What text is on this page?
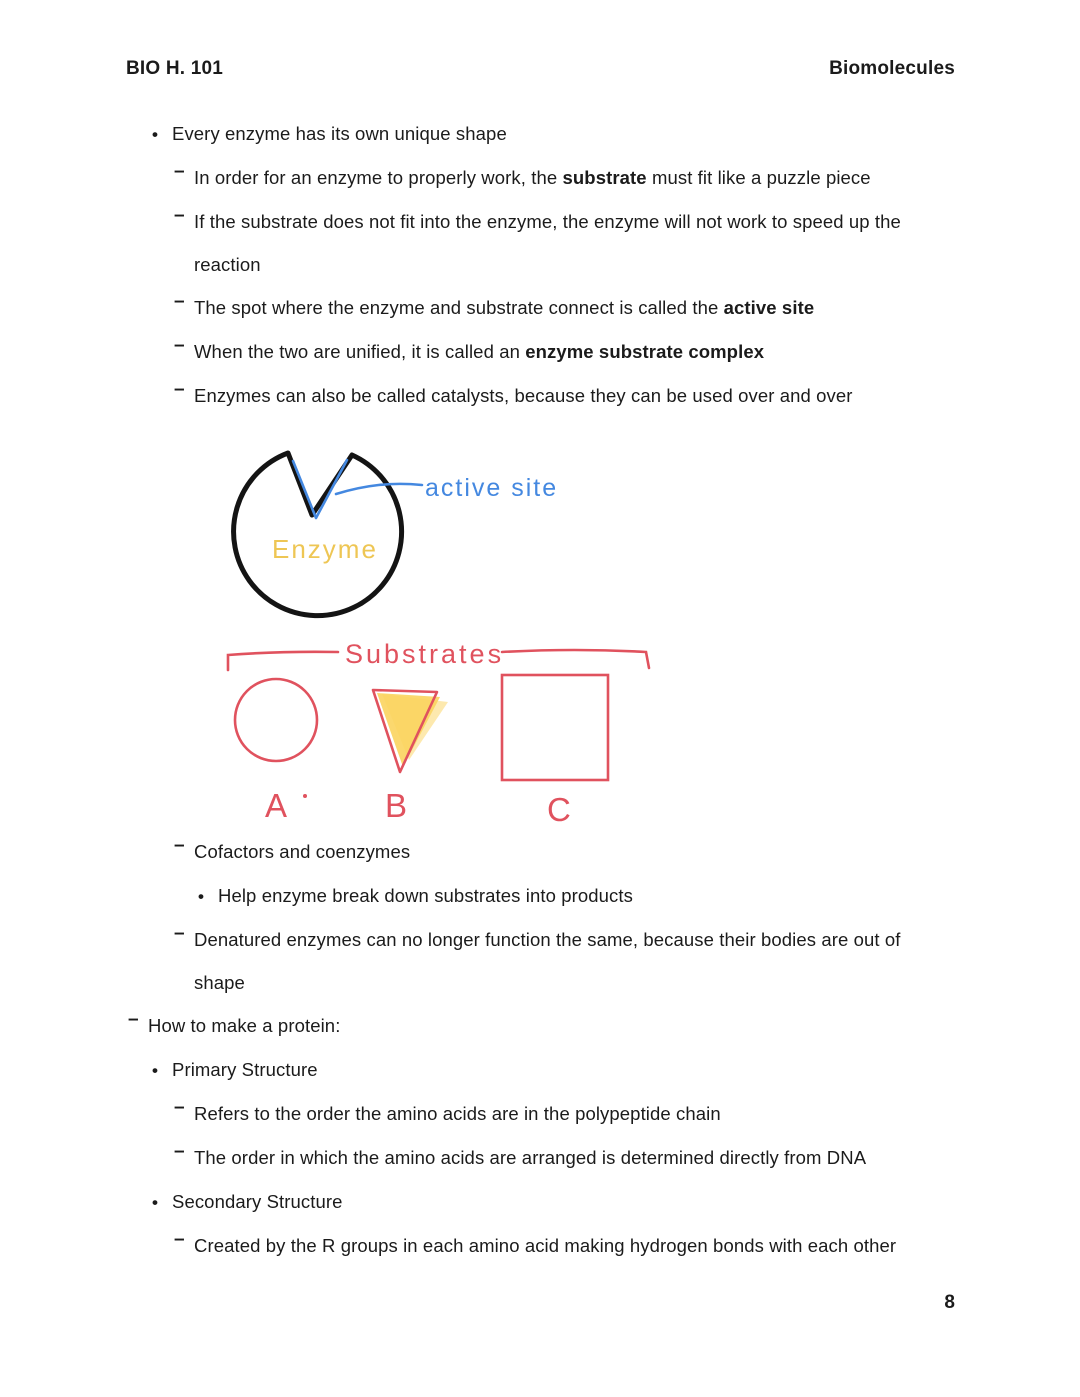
BIO H. 101	Biomolecules
•

Every enzyme has its own unique shape

–

In order for an enzyme to properly work, the substrate must fit like a puzzle piece

–

If the substrate does not fit into the enzyme, the enzyme will not work to speed up the
reaction

–

The spot where the enzyme and substrate connect is called the active site

–

When the two are unified, it is called an enzyme substrate complex

–

Enzymes can also be called catalysts, because they can be used over and over

active site
Enzyme
Substrates
A	B	C
–

Cofactors and coenzymes

•

Help enzyme break down substrates into products

–

Denatured enzymes can no longer function the same, because their bodies are out of
shape

–

How to make a protein:

•

Primary Structure

–

Refers to the order the amino acids are in the polypeptide chain

–

The order in which the amino acids are arranged is determined directly from DNA

•

Secondary Structure

–

Created by the R groups in each amino acid making hydrogen bonds with each other

8
